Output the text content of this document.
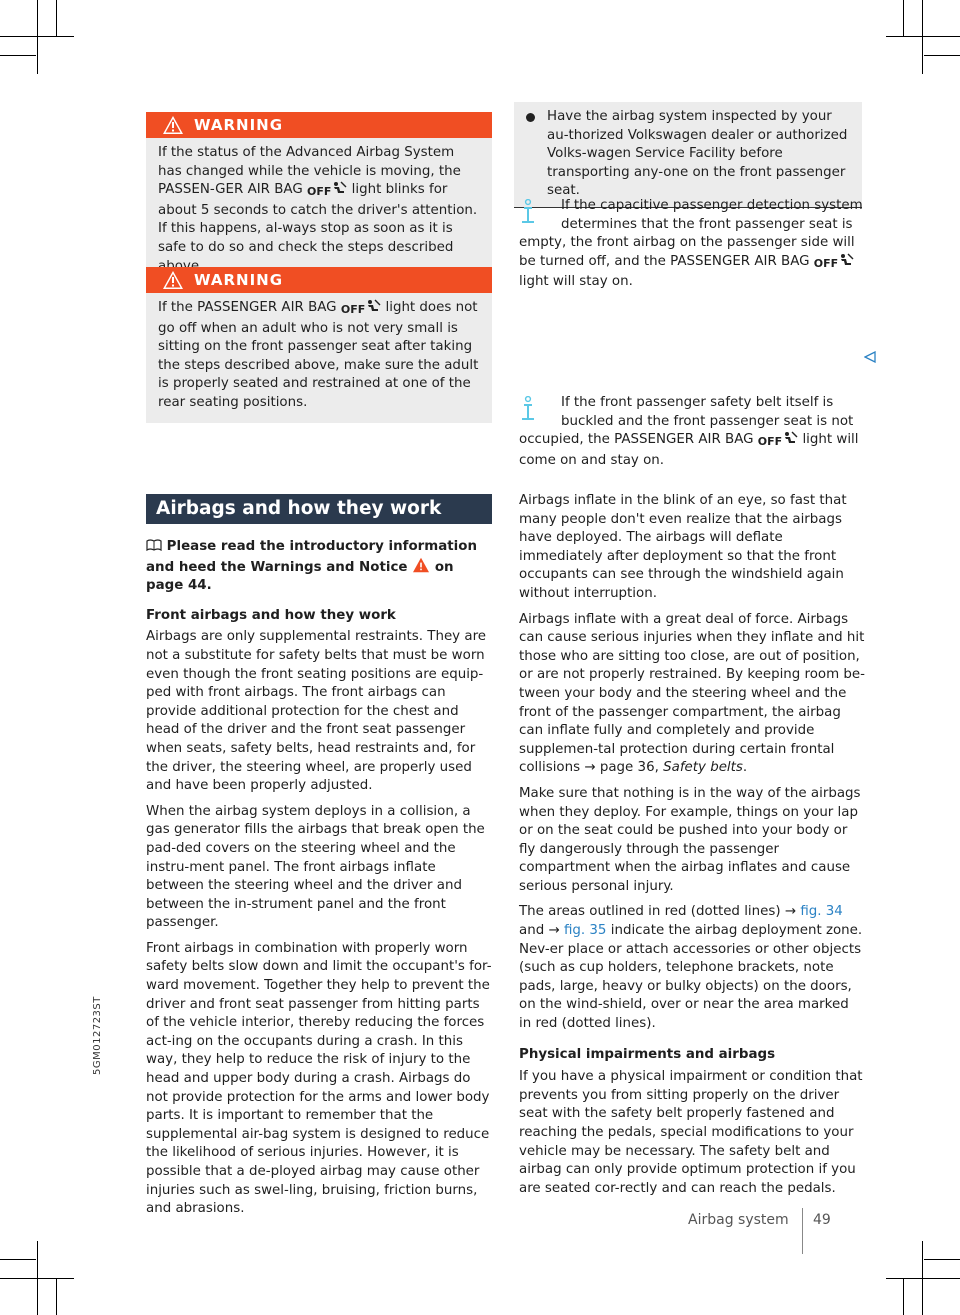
WARNING
If the status of the Advanced Airbag System has changed while the vehicle is moving, the PASSEN-GER AIR BAG OFF light blinks for about 5 seconds to catch the driver's attention. If this happens, al-ways stop as soon as it is safe to do so and check the steps described
WARNING
If the PASSENGER AIR BAG OFF light does not go off when an adult who is not very small is sitting on the front passenger seat after taking the steps described above, make sure the adult is properly seated and restrained at one of the rear seating positions.
Have the airbag system inspected by your au-thorized Volkswagen dealer or authorized Volks-wagen Service Facility before transporting any-one on the front passenger seat.
If the capacitive passenger detection system
determines that the front passenger seat is
empty, the front airbag on the passenger side will be turned off, and the PASSENGER AIR BAG OFF light will stay on.
If the front passenger safety belt itself is
buckled and the front passenger seat is not
occupied, the PASSENGER AIR BAG OFF light will come on and stay on.
Airbags and how they work

Please read the introductory information and heed the Warnings and Notice on page 44.

Front airbags and how they work

Airbags are only supplemental restraints. They are not a substitute for safety belts that must be worn even though the front seating positions are equip-ped with front airbags. The front airbags can provide additional protection for the chest and head of the driver and the front seat passenger when seats, safety belts, head restraints and, for the driver, the steering wheel, are properly used and have been properly adjusted.

When the airbag system deploys in a collision, a gas generator fills the airbags that break open the pad-ded covers on the steering wheel and the instru-ment panel. The front airbags inflate between the steering wheel and the driver and between the in-strument panel and the front passenger.

Front airbags in combination with properly worn safety belts slow down and limit the occupant's for-ward movement. Together they help to prevent the driver and front seat passenger from hitting parts of the vehicle interior, thereby reducing the forces act-ing on the occupants during a crash. In this way, they help to reduce the risk of injury to the head and upper body during a crash. Airbags do not provide protection for the arms and lower body parts. It is important to remember that the supplemental air-bag system is designed to reduce the likelihood of serious injuries. However, it is possible that a de-ployed airbag may cause other injuries such as swel-ling, bruising, friction burns, and abrasions.

Airbags inflate in the blink of an eye, so fast that many people don't even realize that the airbags have deployed. The airbags will deflate immediately after deployment so that the front occupants can see through the windshield again without interruption.

Airbags inflate with a great deal of force. Airbags can cause serious injuries when they inflate and hit those who are sitting too close, are out of position, or are not properly restrained. By keeping room be-tween your body and the steering wheel and the front of the passenger compartment, the airbag can inflate fully and completely and provide supplemen-tal protection during certain frontal collisions → page 36, Safety belts.

Make sure that nothing is in the way of the airbags when they deploy. For example, things on your lap or on the seat could be pushed into your body or fly dangerously through the passenger compartment when the airbag inflates and cause serious personal injury.

The areas outlined in red (dotted lines) → fig. 34 and → fig. 35 indicate the airbag deployment zone. Nev-er place or attach accessories or other objects (such as cup holders, telephone brackets, note pads, large, heavy or bulky objects) on the doors, on the wind-shield, over or near the area marked in red (dotted lines).

Physical impairments and airbags

If you have a physical impairment or condition that prevents you from sitting properly on the driver seat with the safety belt properly fastened and reaching the pedals, special modifications to your vehicle may be necessary. The safety belt and airbag can only provide optimum protection if you are seated cor-rectly and can reach the pedals.

5GM012723ST
Airbag system 49
